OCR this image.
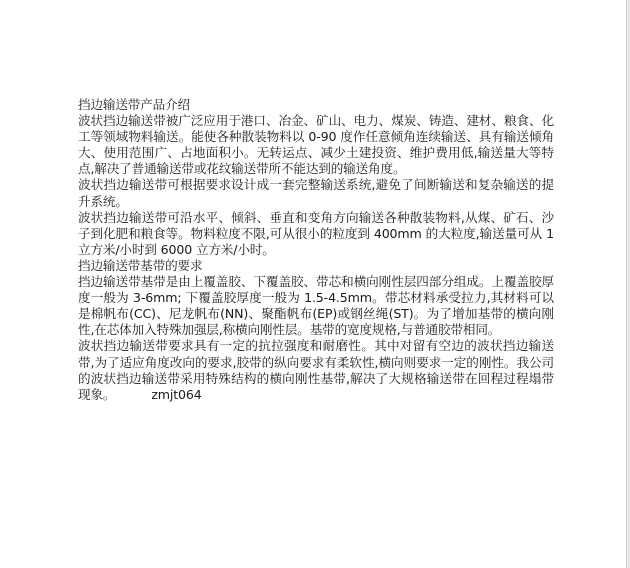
挡边输送带产品介绍

波状挡边输送带被广泛应用于港口、冶金、矿山、电力、煤炭、铸造、建材、粮食、化工等领域物料输送。能使各种散装物料以 0-90 度作任意倾角连续输送、具有输送倾角大、使用范围广、占地面积小。无转运点、减少土建投资、维护费用低,输送量大等特点,解决了普通输送带或花纹输送带所不能达到的输送角度。

波状挡边输送带可根据要求设计成一套完整输送系统,避免了间断输送和复杂输送的提升系统。

波状挡边输送带可沿水平、倾斜、垂直和变角方向输送各种散装物料,从煤、矿石、沙子到化肥和粮食等。物料粒度不限,可从很小的粒度到 400mm 的大粒度,输送量可从 1 立方米/小时到 6000 立方米/小时。

挡边输送带基带的要求

挡边输送带基带是由上覆盖胶、下覆盖胶、带芯和横向刚性层四部分组成。上覆盖胶厚度一般为 3-6mm; 下覆盖胶厚度一般为 1.5-4.5mm。带芯材料承受拉力,其材料可以是棉帆布(CC)、尼龙帆布(NN)、聚酯帆布(EP)或钢丝绳(ST)。为了增加基带的横向刚性,在芯体加入特殊加强层,称横向刚性层。基带的宽度规格,与普通胶带相同。

波状挡边输送带要求具有一定的抗拉强度和耐磨性。其中对留有空边的波状挡边输送带,为了适应角度改向的要求,胶带的纵向要求有柔软性,横向则要求一定的刚性。我公司的波状挡边输送带采用特殊结构的横向刚性基带,解决了大规格输送带在回程过程塌带现象。	zmjt064
